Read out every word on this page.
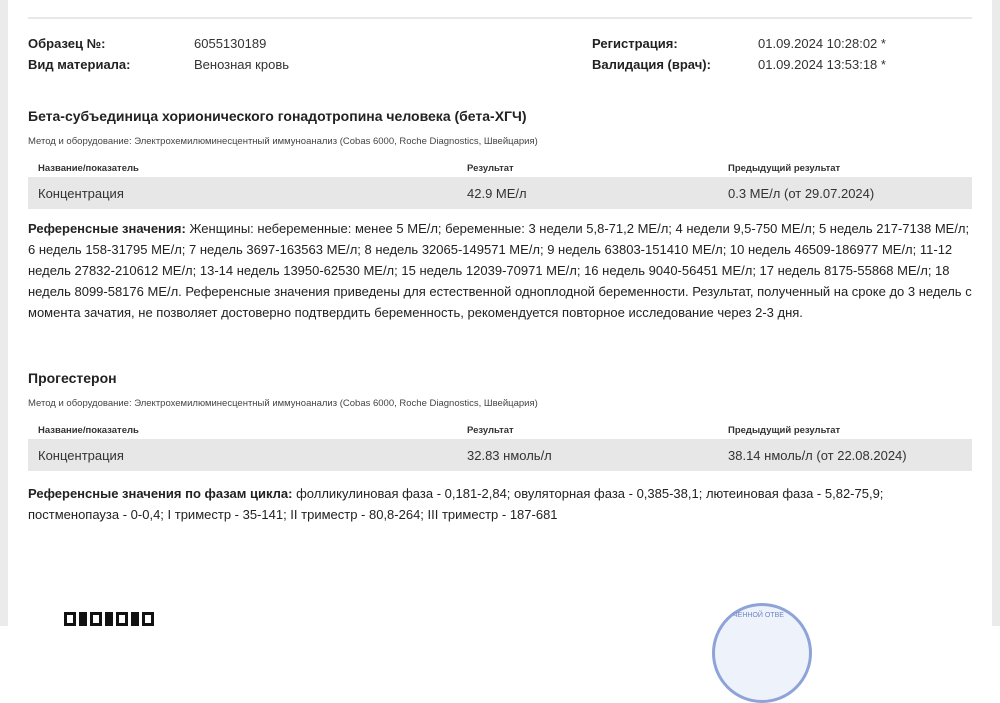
Образец №:	6055130189
Вид материала:	Венозная кровь
Регистрация:	01.09.2024 10:28:02 *
Валидация (врач):	01.09.2024 13:53:18 *
Бета-субъединица хорионического гонадотропина человека (бета-ХГЧ)
Метод и оборудование: Электрохемилюминесцентный иммуноанализ (Cobas 6000, Roche Diagnostics, Швейцария)
Название/показатель	Результат	Предыдущий результат
Концентрация	42.9 МЕ/л	0.3 МЕ/л (от 29.07.2024)
Референсные значения: Женщины: небеременные: менее 5 МЕ/л; беременные: 3 недели 5,8-71,2 МЕ/л; 4 недели 9,5-750 МЕ/л; 5 недель 217-7138 МЕ/л; 6 недель 158-31795 МЕ/л; 7 недель 3697-163563 МЕ/л; 8 недель 32065-149571 МЕ/л; 9 недель 63803-151410 МЕ/л; 10 недель 46509-186977 МЕ/л; 11-12 недель 27832-210612 МЕ/л; 13-14 недель 13950-62530 МЕ/л; 15 недель 12039-70971 МЕ/л; 16 недель 9040-56451 МЕ/л; 17 недель 8175-55868 МЕ/л; 18 недель 8099-58176 МЕ/л. Референсные значения приведены для естественной одноплодной беременности. Результат, полученный на сроке до 3 недель с момента зачатия, не позволяет достоверно подтвердить беременность, рекомендуется повторное исследование через 2-3 дня.
Прогестерон
Метод и оборудование: Электрохемилюминесцентный иммуноанализ (Cobas 6000, Roche Diagnostics, Швейцария)
Название/показатель	Результат	Предыдущий результат
Концентрация	32.83 нмоль/л	38.14 нмоль/л (от 22.08.2024)
Референсные значения по фазам цикла: фолликулиновая фаза - 0,181-2,84; овуляторная фаза - 0,385-38,1; лютеиновая фаза - 5,82-75,9; постменопауза - 0-0,4; I триместр - 35-141; II триместр - 80,8-264; III триместр - 187-681
ЧЕННОЙ ОТВЕ
